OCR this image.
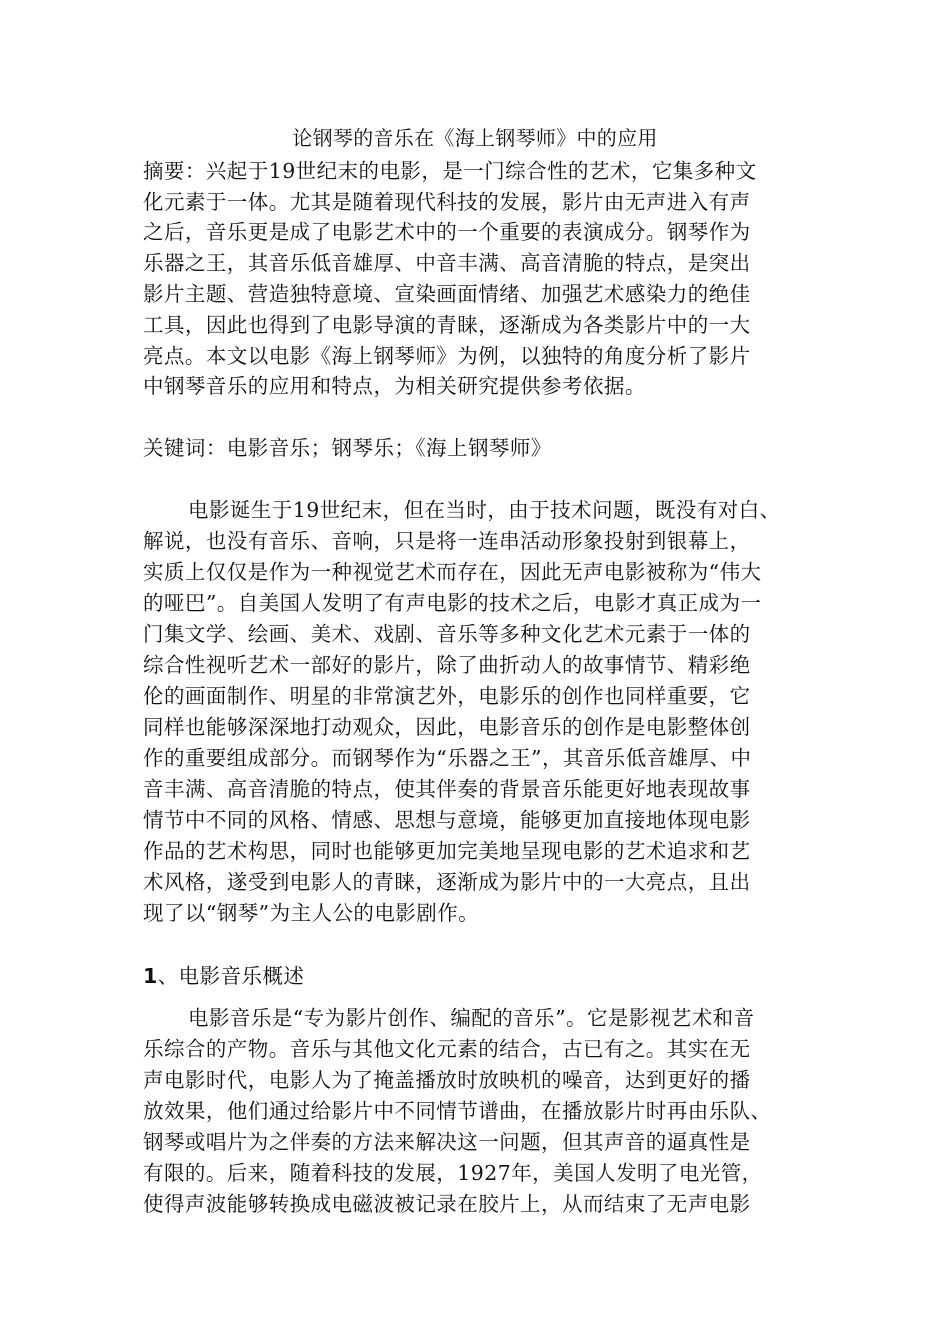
论钢琴的音乐在《海上钢琴师》中的应用
摘要：兴起于19世纪末的电影，是一门综合性的艺术，它集多种文
化元素于一体。尤其是随着现代科技的发展，影片由无声进入有声
之后，音乐更是成了电影艺术中的一个重要的表演成分。钢琴作为
乐器之王，其音乐低音雄厚、中音丰满、高音清脆的特点，是突出
影片主题、营造独特意境、宣染画面情绪、加强艺术感染力的绝佳
工具，因此也得到了电影导演的青睐，逐渐成为各类影片中的一大
亮点。本文以电影《海上钢琴师》为例，以独特的角度分析了影片
中钢琴音乐的应用和特点，为相关研究提供参考依据。
关键词：电影音乐；钢琴乐；《海上钢琴师》
电影诞生于19世纪末，但在当时，由于技术问题，既没有对白、
解说，也没有音乐、音响，只是将一连串活动形象投射到银幕上，
实质上仅仅是作为一种视觉艺术而存在，因此无声电影被称为“伟大
的哑巴”。自美国人发明了有声电影的技术之后，电影才真正成为一
门集文学、绘画、美术、戏剧、音乐等多种文化艺术元素于一体的
综合性视听艺术一部好的影片，除了曲折动人的故事情节、精彩绝
伦的画面制作、明星的非常演艺外，电影乐的创作也同样重要，它
同样也能够深深地打动观众，因此，电影音乐的创作是电影整体创
作的重要组成部分。而钢琴作为“乐器之王”，其音乐低音雄厚、中
音丰满、高音清脆的特点，使其伴奏的背景音乐能更好地表现故事
情节中不同的风格、情感、思想与意境，能够更加直接地体现电影
作品的艺术构思，同时也能够更加完美地呈现电影的艺术追求和艺
术风格，遂受到电影人的青睐，逐渐成为影片中的一大亮点，且出
现了以“钢琴”为主人公的电影剧作。
1、电影音乐概述
电影音乐是“专为影片创作、编配的音乐”。它是影视艺术和音
乐综合的产物。音乐与其他文化元素的结合，古已有之。其实在无
声电影时代，电影人为了掩盖播放时放映机的噪音，达到更好的播
放效果，他们通过给影片中不同情节谱曲，在播放影片时再由乐队、
钢琴或唱片为之伴奏的方法来解决这一问题，但其声音的逼真性是
有限的。后来，随着科技的发展，1927年，美国人发明了电光管，
使得声波能够转换成电磁波被记录在胶片上，从而结束了无声电影
